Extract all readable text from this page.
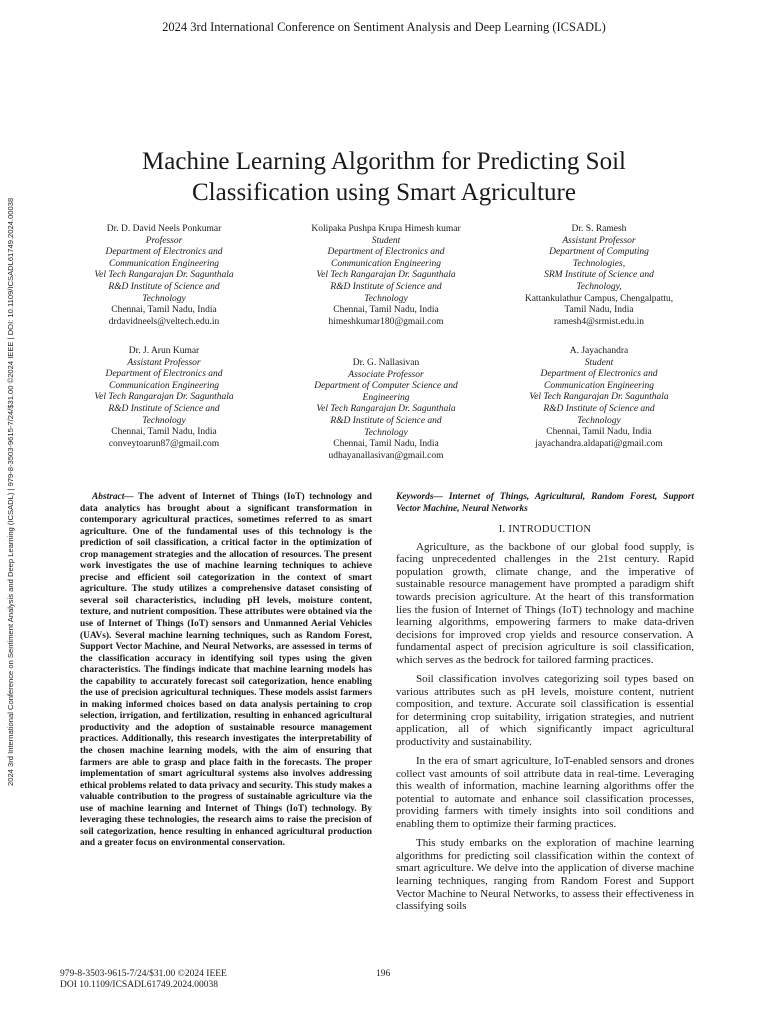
2024 3rd International Conference on Sentiment Analysis and Deep Learning (ICSADL)
Machine Learning Algorithm for Predicting Soil
Classification using Smart Agriculture
Dr. D. David Neels Ponkumar
Professor
Department of Electronics and
Communication Engineering
Vel Tech Rangarajan Dr. Sagunthala
R&D Institute of Science and
Technology
Chennai, Tamil Nadu, India
drdavidneels@veltech.edu.in
Kolipaka Pushpa Krupa Himesh kumar
Student
Department of Electronics and
Communication Engineering
Vel Tech Rangarajan Dr. Sagunthala
R&D Institute of Science and
Technology
Chennai, Tamil Nadu, India
himeshkumar180@gmail.com
Dr. S. Ramesh
Assistant Professor
Department of Computing
Technologies,
SRM Institute of Science and
Technology,
Kattankulathur Campus, Chengalpattu,
Tamil Nadu, India
ramesh4@srmist.edu.in
Dr. J. Arun Kumar
Assistant Professor
Department of Electronics and
Communication Engineering
Vel Tech Rangarajan Dr. Sagunthala
R&D Institute of Science and
Technology
Chennai, Tamil Nadu, India
conveytoarun87@gmail.com
Dr. G. Nallasivan
Associate Professor
Department of Computer Science and
Engineering
Vel Tech Rangarajan Dr. Sagunthala
R&D Institute of Science and
Technology
Chennai, Tamil Nadu, India
udhayanallasivan@gmail.com
A. Jayachandra
Student
Department of Electronics and
Communication Engineering
Vel Tech Rangarajan Dr. Sagunthala
R&D Institute of Science and
Technology
Chennai, Tamil Nadu, India
jayachandra.aldapati@gmail.com
2024 3rd International Conference on Sentiment Analysis and Deep Learning (ICSADL) | 979-8-3503-9615-7/24/$31.00 ©2024 IEEE | DOI: 10.1109/ICSADL61749.2024.00038	Abstract— The advent of Internet of Things (IoT) technology and data analytics has brought about a significant transformation in contemporary agricultural practices, sometimes referred to as smart agriculture. One of the fundamental uses of this technology is the prediction of soil classification, a critical factor in the optimization of crop management strategies and the allocation of resources. The present work investigates the use of machine learning techniques to achieve precise and efficient soil categorization in the context of smart agriculture. The study utilizes a comprehensive dataset consisting of several soil characteristics, including pH levels, moisture content, texture, and nutrient composition. These attributes were obtained via the use of Internet of Things (IoT) sensors and Unmanned Aerial Vehicles (UAVs). Several machine learning techniques, such as Random Forest, Support Vector Machine, and Neural Networks, are assessed in terms of the classification accuracy in identifying soil types using the given characteristics. The findings indicate that machine learning models has the capability to accurately forecast soil categorization, hence enabling the use of precision agricultural techniques. These models assist farmers in making informed choices based on data analysis pertaining to crop selection, irrigation, and fertilization, resulting in enhanced agricultural productivity and the adoption of sustainable resource management practices. Additionally, this research investigates the interpretability of the chosen machine learning models, with the aim of ensuring that farmers are able to grasp and place faith in the forecasts. The proper implementation of smart agricultural systems also involves addressing ethical problems related to data privacy and security. This study makes a valuable contribution to the progress of sustainable agriculture via the use of machine learning and Internet of Things (IoT) technology. By leveraging these technologies, the research aims to raise the precision of soil categorization, hence resulting in enhanced agricultural production and a greater focus on environmental conservation.
Keywords— Internet of Things, Agricultural, Random Forest, Support Vector Machine, Neural Networks
I. INTRODUCTION

Agriculture, as the backbone of our global food supply, is facing unprecedented challenges in the 21st century. Rapid population growth, climate change, and the imperative of sustainable resource management have prompted a paradigm shift towards precision agriculture. At the heart of this transformation lies the fusion of Internet of Things (IoT) technology and machine learning algorithms, empowering farmers to make data-driven decisions for improved crop yields and resource conservation. A fundamental aspect of precision agriculture is soil classification, which serves as the bedrock for tailored farming practices.

Soil classification involves categorizing soil types based on various attributes such as pH levels, moisture content, nutrient composition, and texture. Accurate soil classification is essential for determining crop suitability, irrigation strategies, and nutrient application, all of which significantly impact agricultural productivity and sustainability.

In the era of smart agriculture, IoT-enabled sensors and drones collect vast amounts of soil attribute data in real-time. Leveraging this wealth of information, machine learning algorithms offer the potential to automate and enhance soil classification processes, providing farmers with timely insights into soil conditions and enabling them to optimize their farming practices.

This study embarks on the exploration of machine learning algorithms for predicting soil classification within the context of smart agriculture. We delve into the application of diverse machine learning techniques, ranging from Random Forest and Support Vector Machine to Neural Networks, to assess their effectiveness in classifying soils

979-8-3503-9615-7/24/$31.00 ©2024 IEEE
DOI 10.1109/ICSADL61749.2024.00038
196
